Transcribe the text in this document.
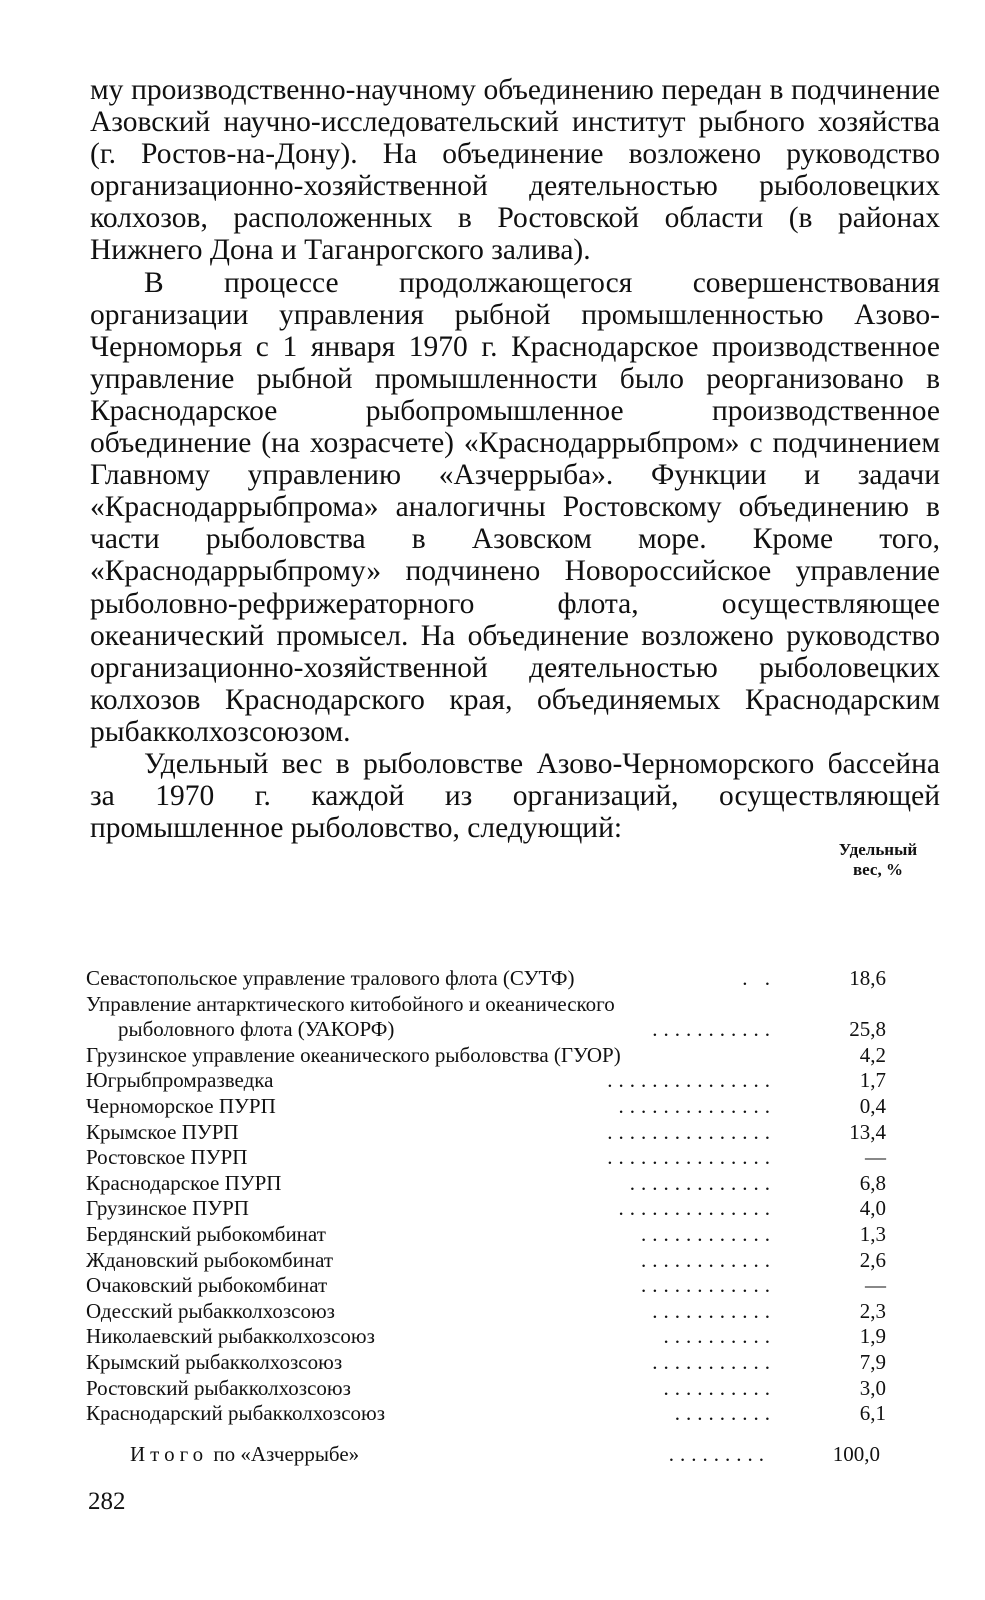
му производственно-научному объединению передан в подчинение Азовский научно-исследовательский институт рыбного хозяйства (г. Ростов-на-Дону). На объединение возложено руководство организационно-хозяйственной деятельностью рыболовецких колхозов, расположенных в Ростовской области (в районах Нижнего Дона и Таганрогского залива).

В процессе продолжающегося совершенствования организации управления рыбной промышленностью Азово-Черноморья с 1 января 1970 г. Краснодарское производственное управление рыбной промышленности было реорганизовано в Краснодарское рыбопромышленное производственное объединение (на хозрасчете) «Краснодаррыбпром» с подчинением Главному управлению «Азчеррыба». Функции и задачи «Краснодаррыбпрома» аналогичны Ростовскому объединению в части рыболовства в Азовском море. Кроме того, «Краснодаррыбпрому» подчинено Новороссийское управление рыболовно-рефрижераторного флота, осуществляющее океанический промысел. На объединение возложено руководство организационно-хозяйственной деятельностью рыболовецких колхозов Краснодарского края, объединяемых Краснодарским рыбакколхозсоюзом.

Удельный вес в рыболовстве Азово-Черноморского бассейна за 1970 г. каждой из организаций, осуществляющей промышленное рыболовство, следующий:

Удельный
вес, %
Севастопольское управление тралового флота (СУТФ)	. .	18,6
Управление антарктического китобойного и океанического
рыболовного флота (УАКОРФ)	...........	25,8
Грузинское управление океанического рыболовства (ГУОР)	4,2
Югрыбпромразведка	...............	1,7
Черноморское ПУРП	..............	0,4
Крымское ПУРП	...............	13,4
Ростовское ПУРП	...............	—
Краснодарское ПУРП	.............	6,8
Грузинское ПУРП	..............	4,0
Бердянский рыбокомбинат	............	1,3
Ждановский рыбокомбинат	............	2,6
Очаковский рыбокомбинат	............	—
Одесский рыбакколхозсоюз	...........	2,3
Николаевский рыбакколхозсоюз	..........	1,9
Крымский рыбакколхозсоюз	...........	7,9
Ростовский рыбакколхозсоюз	..........	3,0
Краснодарский рыбакколхозсоюз	.........	6,1
Итого по «Азчеррыбе»	.........	100,0
282
